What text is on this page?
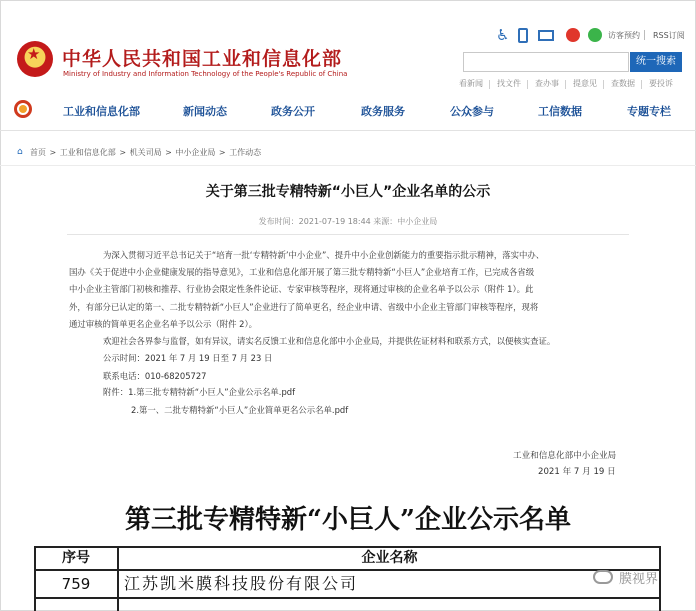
★ 中华人民共和国工业和信息化部
Ministry of Industry and Information Technology of the People's Republic of China
♿	访客预约 RSS订阅
统一搜索
看新闻 找文件 查办事 提意见 查数据 要投诉
工业和信息化部	新闻动态	政务公开	政务服务	公众参与	工信数据	专题专栏
⌂ 首页 > 工业和信息化部 > 机关司局 > 中小企业局 > 工作动态
关于第三批专精特新“小巨人”企业名单的公示
发布时间：2021-07-19 18:44 来源：中小企业局
为深入贯彻习近平总书记关于“培育一批‘专精特新’中小企业”、提升中小企业创新能力的重要指示批示精神，落实中办、
国办《关于促进中小企业健康发展的指导意见》，工业和信息化部开展了第三批专精特新“小巨人”企业培育工作，已完成各省级
中小企业主管部门初核和推荐、行业协会限定性条件论证、专家审核等程序，现将通过审核的企业名单予以公示（附件 1）。此
外，有部分已认定的第一、二批专精特新“小巨人”企业进行了简单更名，经企业申请、省级中小企业主管部门审核等程序，现将
通过审核的简单更名企业名单予以公示（附件 2）。
欢迎社会各界参与监督，如有异议，请实名反馈工业和信息化部中小企业局，并提供佐证材料和联系方式，以便核实查证。
公示时间：2021 年 7 月 19 日至 7 月 23 日
联系电话：010-68205727
附件：1.第三批专精特新“小巨人”企业公示名单.pdf
2.第一、二批专精特新“小巨人”企业简单更名公示名单.pdf
工业和信息化部中小企业局
2021 年 7 月 19 日
第三批专精特新“小巨人”企业公示名单
序号	企业名称
759	江苏凯米膜科技股份有限公司	膜视界
